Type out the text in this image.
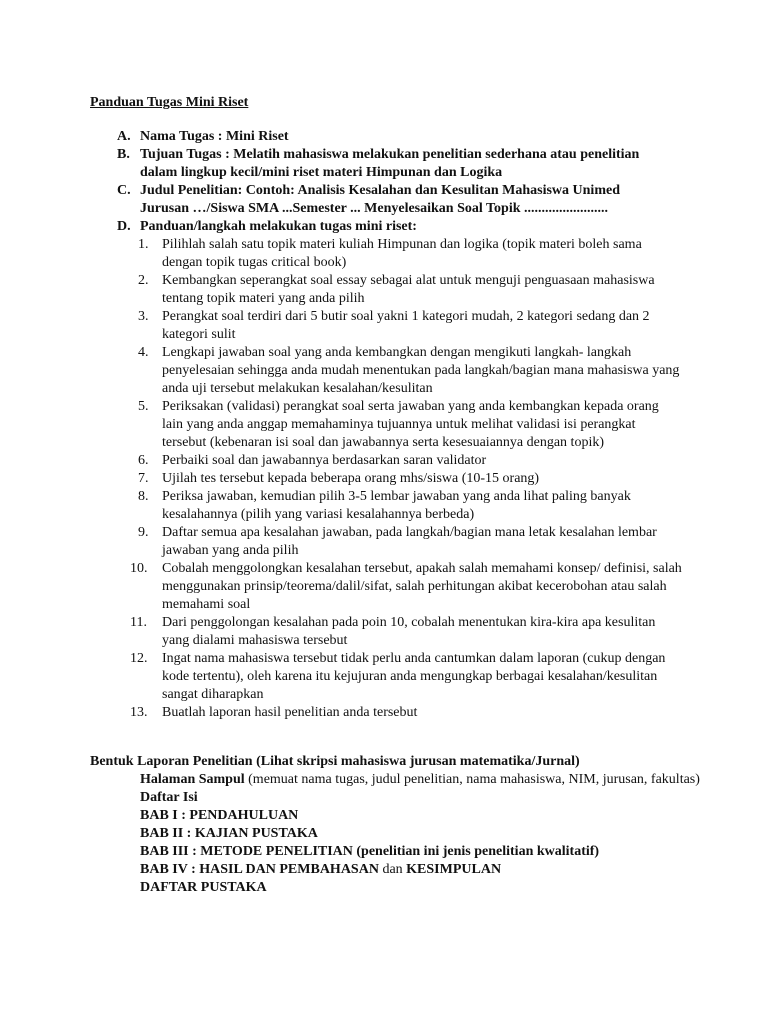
Panduan Tugas Mini Riset
A. Nama Tugas : Mini Riset
B. Tujuan Tugas : Melatih mahasiswa melakukan penelitian sederhana atau penelitian dalam lingkup kecil/mini riset materi Himpunan dan Logika
C. Judul Penelitian: Contoh: Analisis Kesalahan dan Kesulitan Mahasiswa Unimed Jurusan …/Siswa SMA ...Semester ... Menyelesaikan Soal Topik ........................
D. Panduan/langkah melakukan tugas mini riset:
1. Pilihlah salah satu topik materi kuliah Himpunan dan logika (topik materi boleh sama dengan topik tugas critical book)
2. Kembangkan seperangkat soal essay sebagai alat untuk menguji penguasaan mahasiswa tentang topik materi yang anda pilih
3. Perangkat soal terdiri dari 5 butir soal yakni 1 kategori mudah, 2 kategori sedang dan 2 kategori sulit
4. Lengkapi jawaban soal yang anda kembangkan dengan mengikuti langkah- langkah penyelesaian sehingga anda mudah menentukan pada langkah/bagian mana mahasiswa yang anda uji tersebut melakukan kesalahan/kesulitan
5. Periksakan (validasi) perangkat soal serta jawaban yang anda kembangkan kepada orang lain yang anda anggap memahaminya tujuannya untuk melihat validasi isi perangkat tersebut (kebenaran isi soal dan jawabannya serta kesesuaiannya dengan topik)
6. Perbaiki soal dan jawabannya berdasarkan saran validator
7. Ujilah tes tersebut kepada beberapa orang mhs/siswa (10-15 orang)
8. Periksa jawaban, kemudian pilih 3-5 lembar jawaban yang anda lihat paling banyak kesalahannya (pilih yang variasi kesalahannya berbeda)
9. Daftar semua apa kesalahan jawaban, pada langkah/bagian mana letak kesalahan lembar jawaban yang anda pilih
10. Cobalah menggolongkan kesalahan tersebut, apakah salah memahami konsep/ definisi, salah menggunakan prinsip/teorema/dalil/sifat, salah perhitungan akibat kecerobohan atau salah memahami soal
11. Dari penggolongan kesalahan pada poin 10, cobalah menentukan kira-kira apa kesulitan yang dialami mahasiswa tersebut
12. Ingat nama mahasiswa tersebut tidak perlu anda cantumkan dalam laporan (cukup dengan kode tertentu), oleh karena itu kejujuran anda mengungkap berbagai kesalahan/kesulitan sangat diharapkan
13. Buatlah laporan hasil penelitian anda tersebut
Bentuk Laporan Penelitian (Lihat skripsi mahasiswa jurusan matematika/Jurnal)
Halaman Sampul (memuat nama tugas, judul penelitian, nama mahasiswa, NIM, jurusan, fakultas)
Daftar Isi
BAB I : PENDAHULUAN
BAB II : KAJIAN PUSTAKA
BAB III : METODE PENELITIAN (penelitian ini jenis penelitian kwalitatif)
BAB IV : HASIL DAN PEMBAHASAN dan KESIMPULAN
DAFTAR PUSTAKA
